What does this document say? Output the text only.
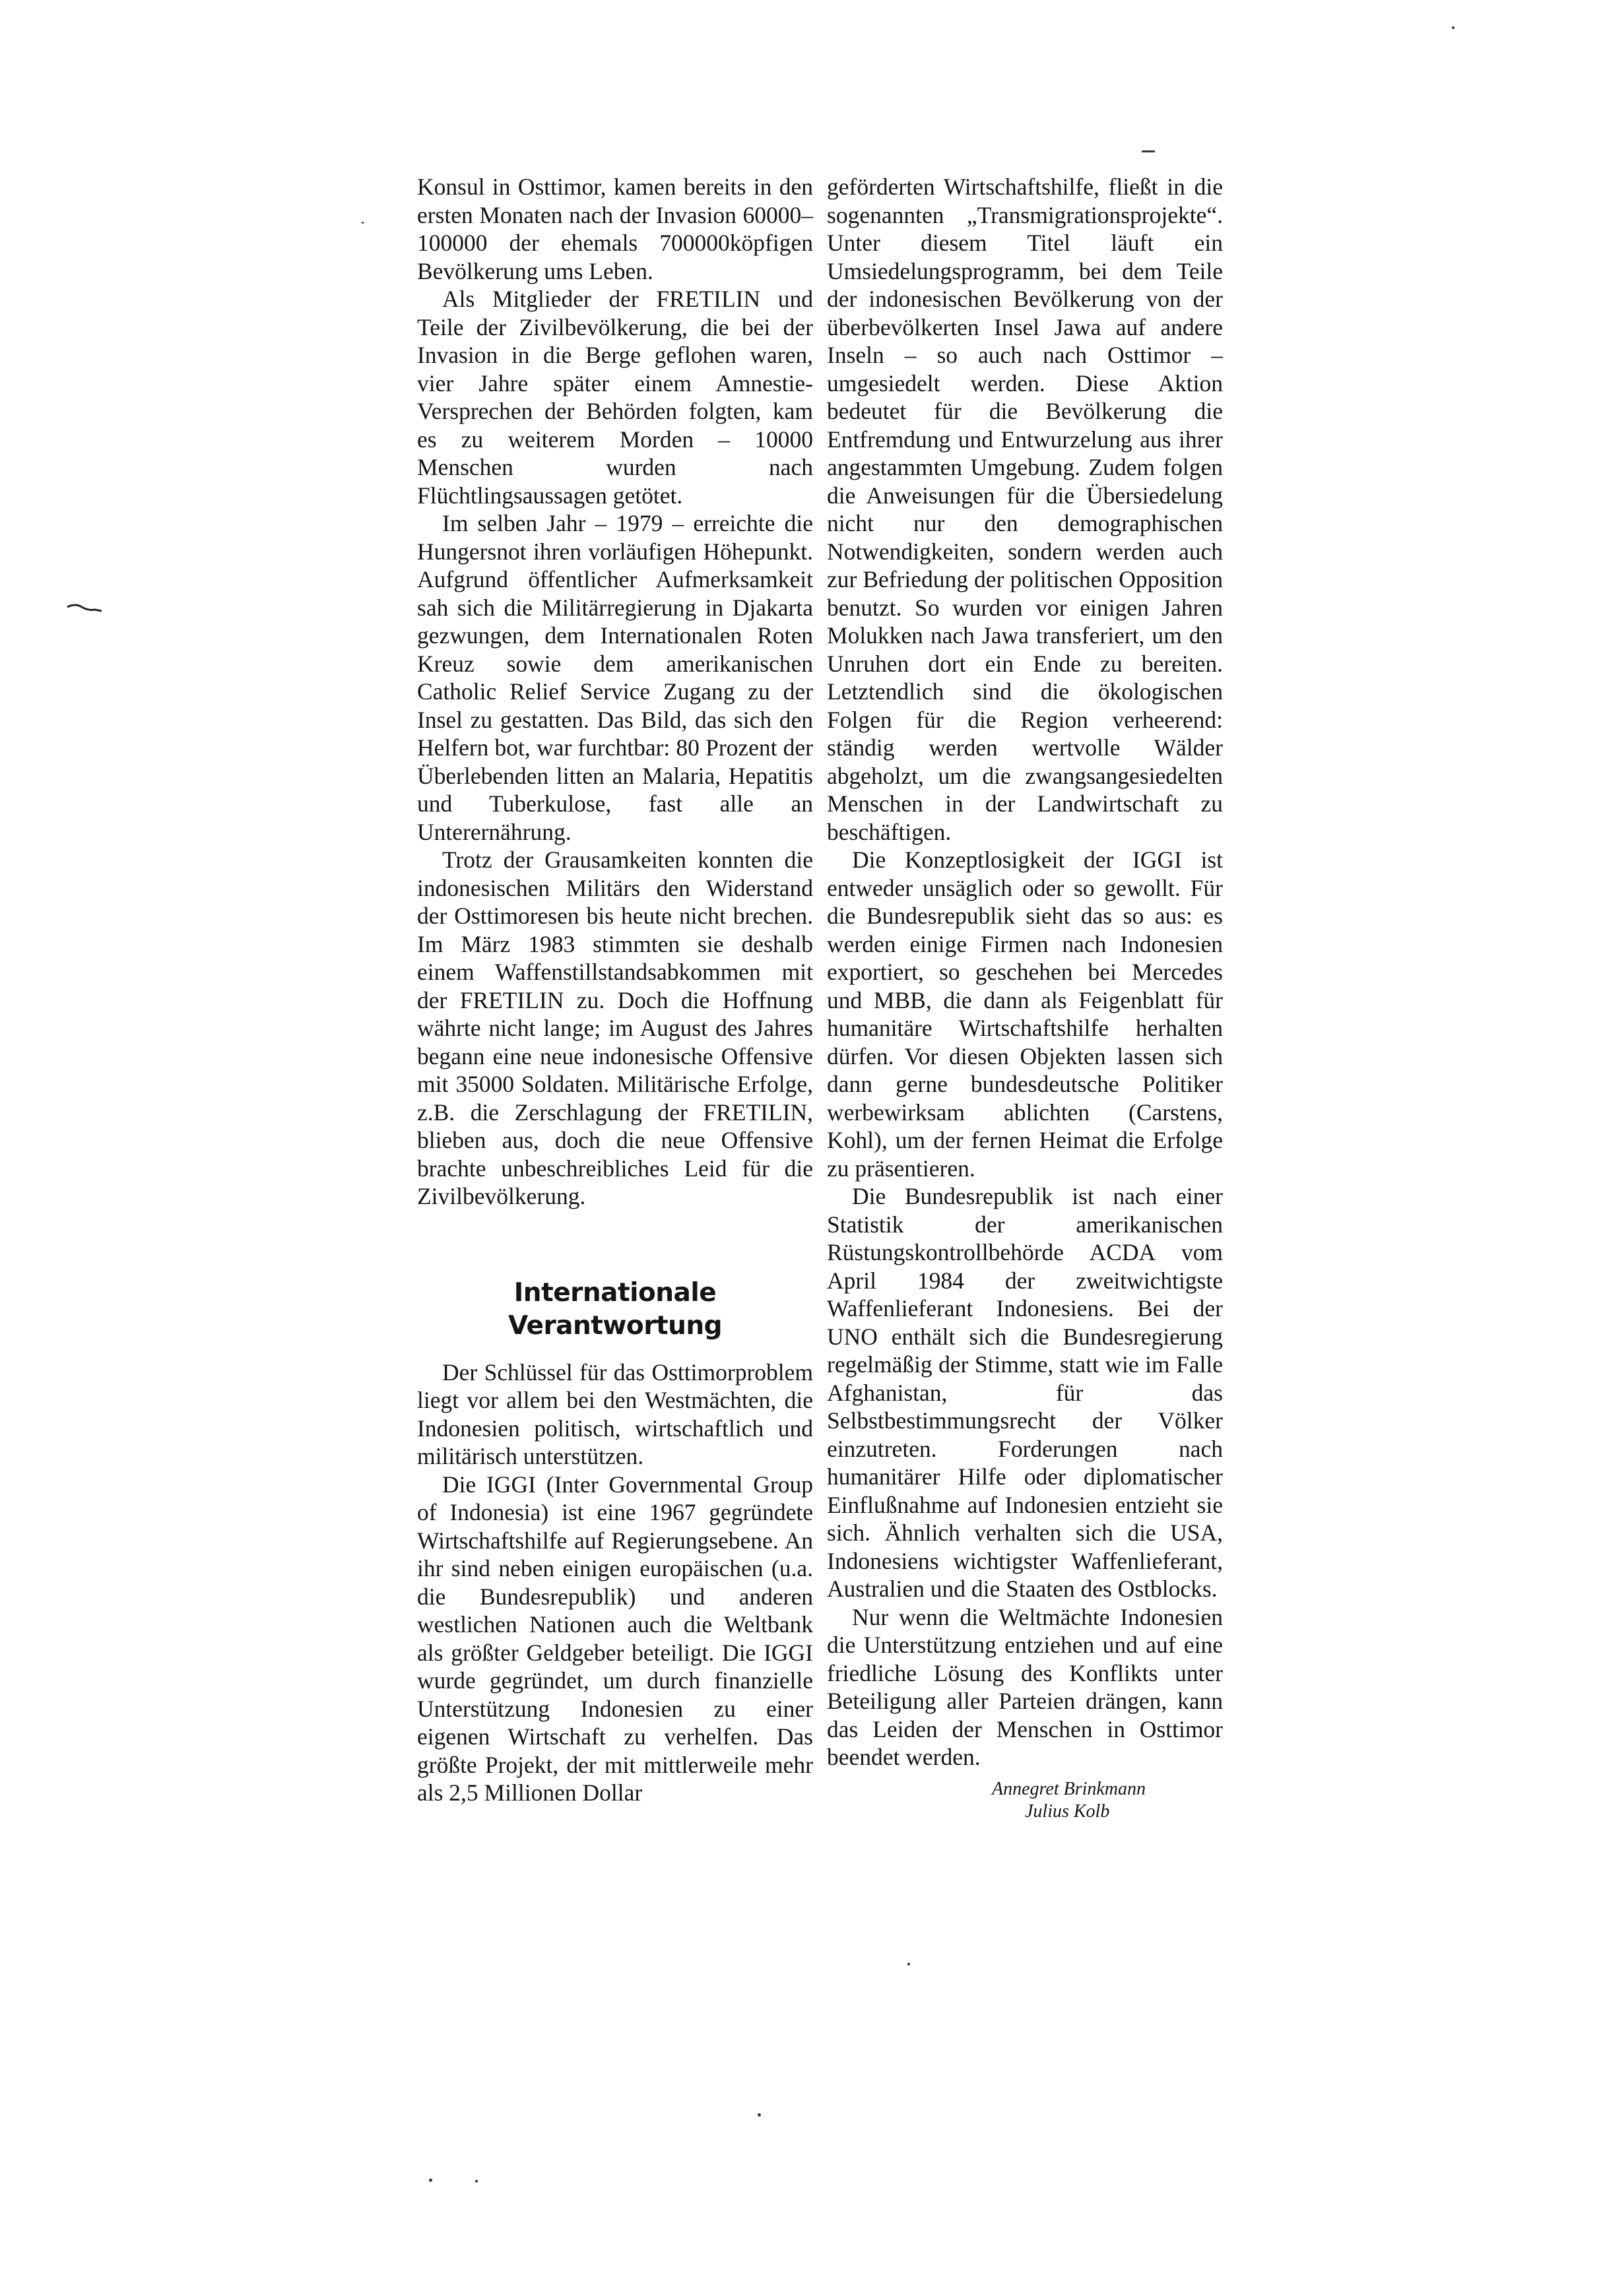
Konsul in Osttimor, kamen bereits in den ersten Monaten nach der Invasion 60000–100000 der ehemals 700000köpfigen Bevölkerung ums Leben.

Als Mitglieder der FRETILIN und Teile der Zivilbevölkerung, die bei der Invasion in die Berge geflohen waren, vier Jahre später einem Amnestie-Versprechen der Behörden folgten, kam es zu weiterem Morden – 10000 Menschen wurden nach Flüchtlingsaussagen getötet.

Im selben Jahr – 1979 – erreichte die Hungersnot ihren vorläufigen Höhepunkt. Aufgrund öffentlicher Aufmerksamkeit sah sich die Militärregierung in Djakarta gezwungen, dem Internationalen Roten Kreuz sowie dem amerikanischen Catholic Relief Service Zugang zu der Insel zu gestatten. Das Bild, das sich den Helfern bot, war furchtbar: 80 Prozent der Überlebenden litten an Malaria, Hepatitis und Tuberkulose, fast alle an Unterernährung.

Trotz der Grausamkeiten konnten die indonesischen Militärs den Widerstand der Osttimoresen bis heute nicht brechen. Im März 1983 stimmten sie deshalb einem Waffenstillstandsabkommen mit der FRETILIN zu. Doch die Hoffnung währte nicht lange; im August des Jahres begann eine neue indonesische Offensive mit 35000 Soldaten. Militärische Erfolge, z.B. die Zerschlagung der FRETILIN, blieben aus, doch die neue Offensive brachte unbeschreibliches Leid für die Zivilbevölkerung.

Internationale
Verantwortung

Der Schlüssel für das Osttimorproblem liegt vor allem bei den Westmächten, die Indonesien politisch, wirtschaftlich und militärisch unterstützen.

Die IGGI (Inter Governmental Group of Indonesia) ist eine 1967 gegründete Wirtschaftshilfe auf Regierungsebene. An ihr sind neben einigen europäischen (u.a. die Bundesrepublik) und anderen westlichen Nationen auch die Weltbank als größter Geldgeber beteiligt. Die IGGI wurde gegründet, um durch finanzielle Unterstützung Indonesien zu einer eigenen Wirtschaft zu verhelfen. Das größte Projekt, der mit mittlerweile mehr als 2,5 Millionen Dollar

geförderten Wirtschaftshilfe, fließt in die sogenannten „Transmigrationsprojekte“. Unter diesem Titel läuft ein Umsiedelungsprogramm, bei dem Teile der indonesischen Bevölkerung von der überbevölkerten Insel Jawa auf andere Inseln – so auch nach Osttimor – umgesiedelt werden. Diese Aktion bedeutet für die Bevölkerung die Entfremdung und Entwurzelung aus ihrer angestammten Umgebung. Zudem folgen die Anweisungen für die Übersiedelung nicht nur den demographischen Notwendigkeiten, sondern werden auch zur Befriedung der politischen Opposition benutzt. So wurden vor einigen Jahren Molukken nach Jawa transferiert, um den Unruhen dort ein Ende zu bereiten. Letztendlich sind die ökologischen Folgen für die Region verheerend: ständig werden wertvolle Wälder abgeholzt, um die zwangsangesiedelten Menschen in der Landwirtschaft zu beschäftigen.

Die Konzeptlosigkeit der IGGI ist entweder unsäglich oder so gewollt. Für die Bundesrepublik sieht das so aus: es werden einige Firmen nach Indonesien exportiert, so geschehen bei Mercedes und MBB, die dann als Feigenblatt für humanitäre Wirtschaftshilfe herhalten dürfen. Vor diesen Objekten lassen sich dann gerne bundesdeutsche Politiker werbewirksam ablichten (Carstens, Kohl), um der fernen Heimat die Erfolge zu präsentieren.

Die Bundesrepublik ist nach einer Statistik der amerikanischen Rüstungskontrollbehörde ACDA vom April 1984 der zweitwichtigste Waffenlieferant Indonesiens. Bei der UNO enthält sich die Bundesregierung regelmäßig der Stimme, statt wie im Falle Afghanistan, für das Selbstbestimmungsrecht der Völker einzutreten. Forderungen nach humanitärer Hilfe oder diplomatischer Einflußnahme auf Indonesien entzieht sie sich. Ähnlich verhalten sich die USA, Indonesiens wichtigster Waffenlieferant, Australien und die Staaten des Ostblocks.

Nur wenn die Weltmächte Indonesien die Unterstützung entziehen und auf eine friedliche Lösung des Konflikts unter Beteiligung aller Parteien drängen, kann das Leiden der Menschen in Osttimor beendet werden.

Annegret Brinkmann
Julius Kolb
